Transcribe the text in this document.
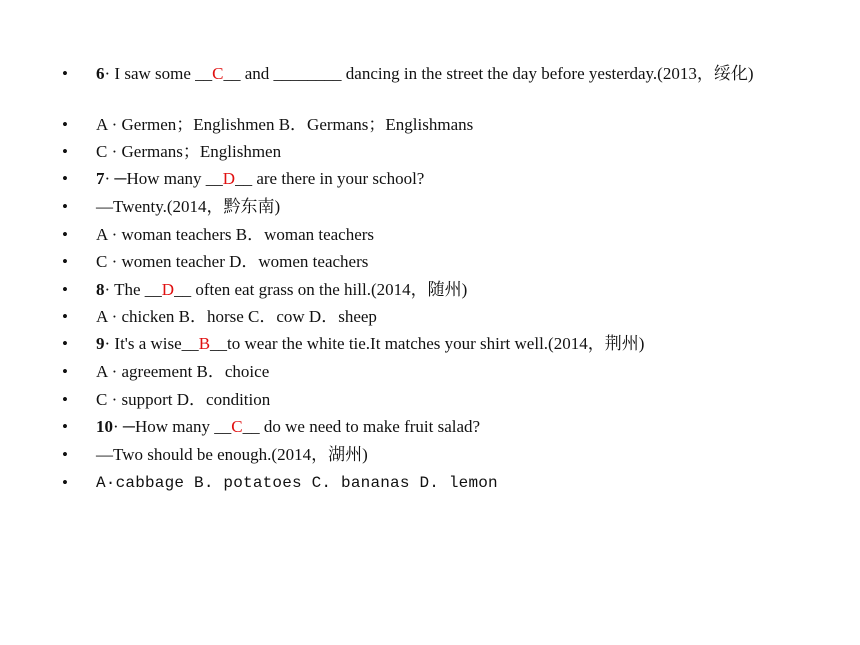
•	6· I saw some __C__ and ________ dancing in the street the day before yesterday.(2013，绥化)
•	A · Germen；Englishmen B．Germans；Englishmans
•	C · Germans；Englishmen
•	7· ─How many __D__ are there in your school?
•	—Twenty.(2014，黔东南)
•	A · woman teachers B．woman teachers
•	C · women teacher D．women teachers
•	8· The __D__ often eat grass on the hill.(2014，随州)
•	A · chicken B．horse C．cow D．sheep
•	9· It's a wise__B__to wear the white tie.It matches your shirt well.(2014，荆州)
•	A · agreement B．choice
•	C · support D．condition
•	10· ─How many __C__ do we need to make fruit salad?
•	—Two should be enough.(2014，湖州)
•	A·cabbage B. potatoes C. bananas D. lemon
